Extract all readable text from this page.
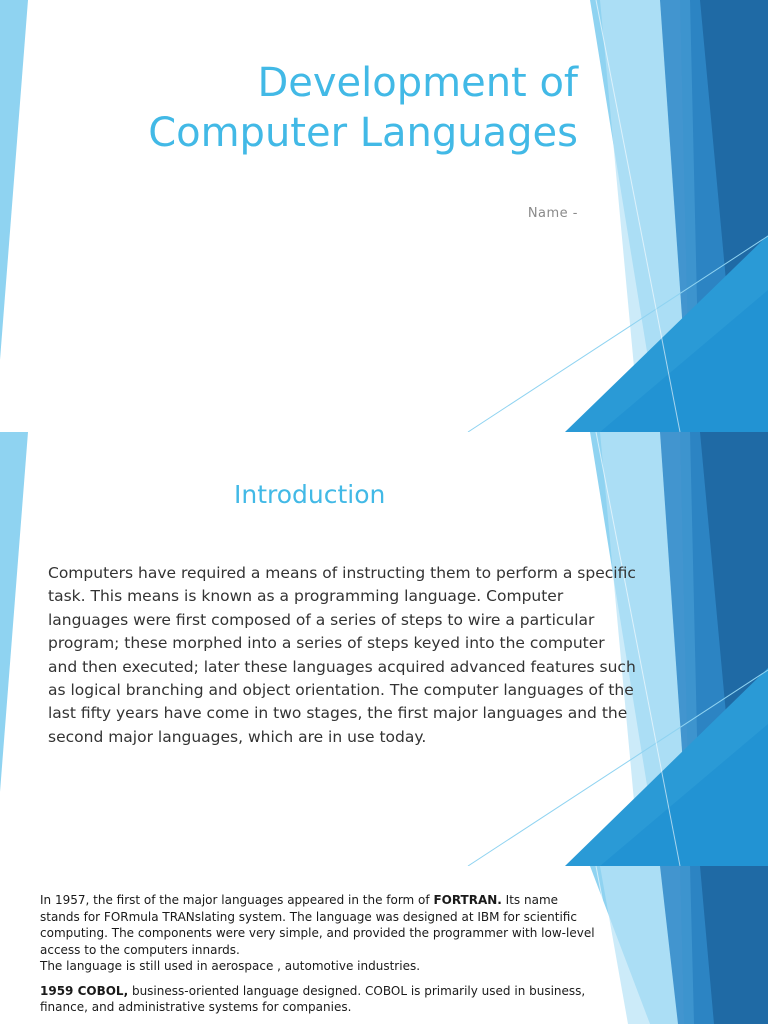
Development of
Computer Languages
Name -
Introduction

Computers have required a means of instructing them to perform a specific task. This means is known as a programming language. Computer languages were first composed of a series of steps to wire a particular program; these morphed into a series of steps keyed into the computer and then executed; later these languages acquired advanced features such as logical branching and object orientation. The computer languages of the last fifty years have come in two stages, the first major languages and the second major languages, which are in use today.

In 1957, the first of the major languages appeared in the form of FORTRAN. Its name stands for FORmula TRANslating system. The language was designed at IBM for scientific computing. The components were very simple, and provided the programmer with low-level access to the computers innards.
The language is still used in aerospace , automotive industries.

1959 COBOL, business-oriented language designed. COBOL is primarily used in business, finance, and administrative systems for companies.
